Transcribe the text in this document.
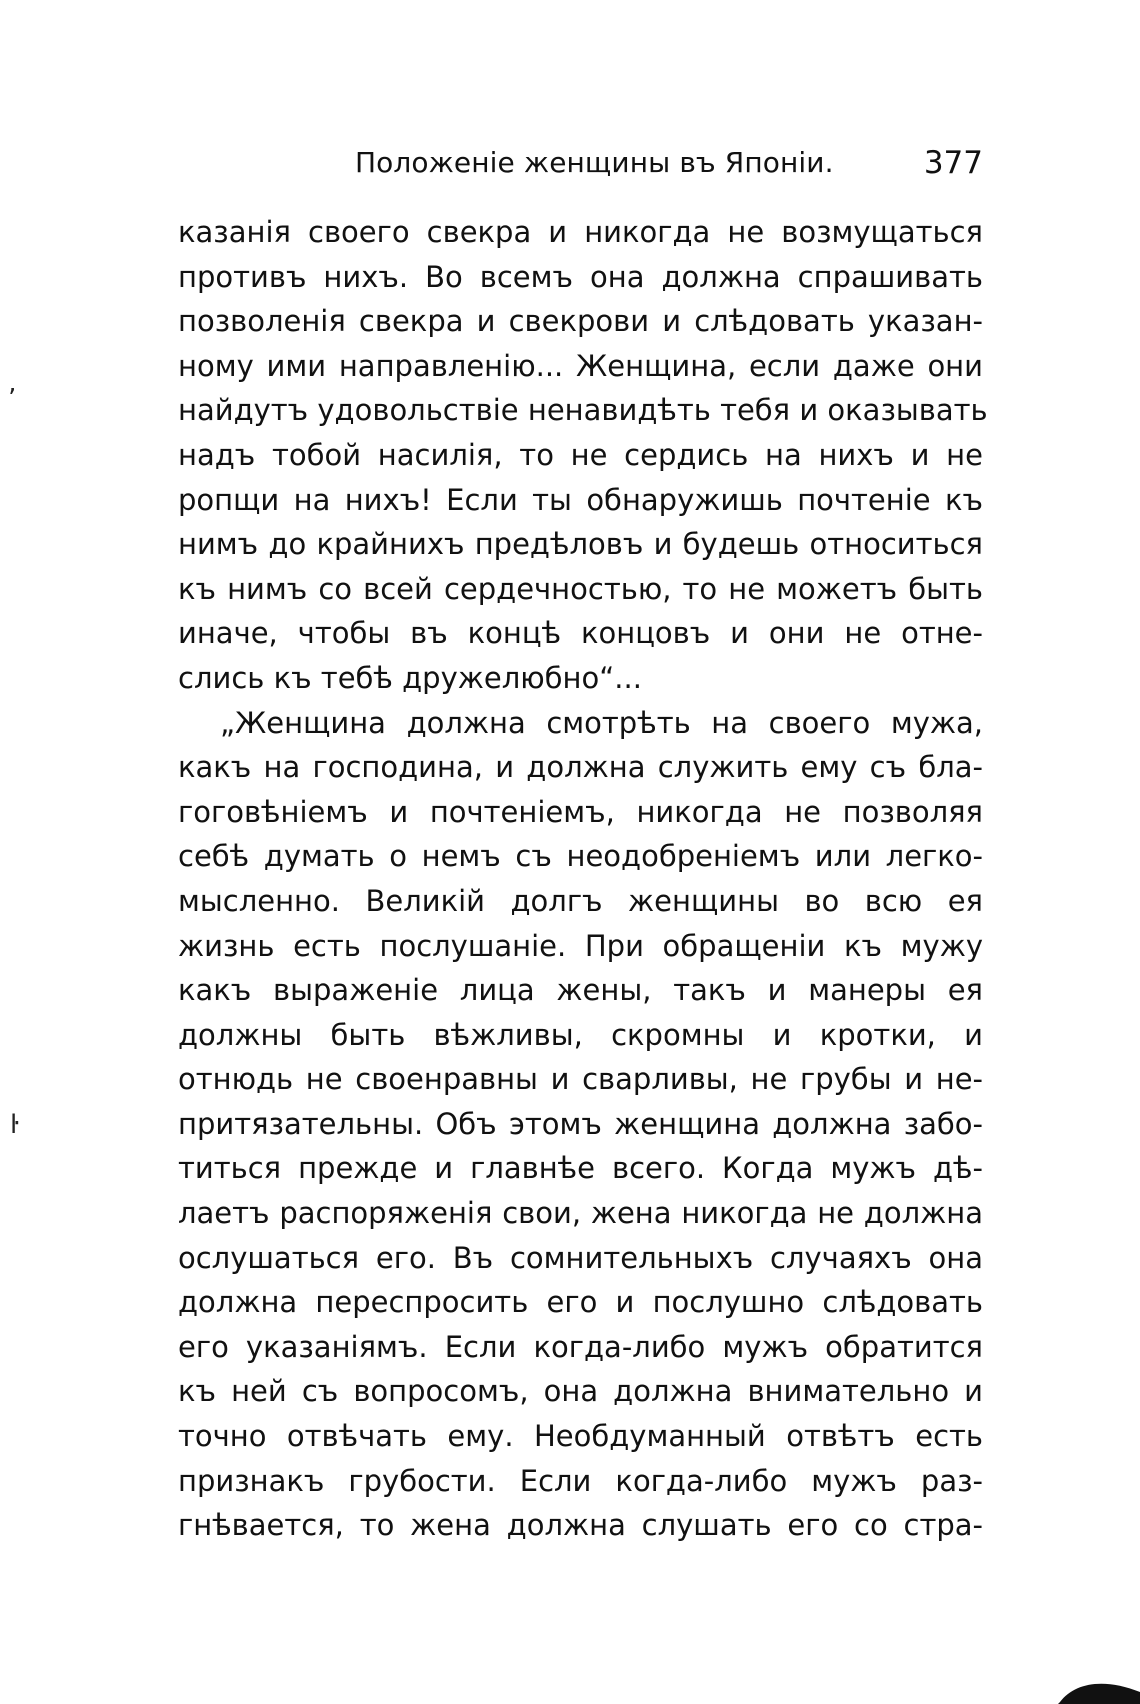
ʼ
ŀ
Положеніе женщины въ Японіи.	377
казанія своего свекра и никогда не возмущаться
противъ нихъ. Во всемъ она должна спрашивать
позволенія свекра и свекрови и слѣдовать указан-
ному ими направленію... Женщина, если даже они
найдутъ удовольствіе ненавидѣть тебя и оказывать
надъ тобой насилія, то не сердись на нихъ и не
ропщи на нихъ! Если ты обнаружишь почтеніе къ
нимъ до крайнихъ предѣловъ и будешь относиться
къ нимъ со всей сердечностью, то не можетъ быть
иначе, чтобы въ концѣ концовъ и они не отне-
слись къ тебѣ дружелюбно“...
„Женщина должна смотрѣть на своего мужа,
какъ на господина, и должна служить ему съ бла-
гоговѣніемъ и почтеніемъ, никогда не позволяя
себѣ думать о немъ съ неодобреніемъ или легко-
мысленно. Великій долгъ женщины во всю ея
жизнь есть послушаніе. При обращеніи къ мужу
какъ выраженіе лица жены, такъ и манеры ея
должны быть вѣжливы, скромны и кротки, и
отнюдь не своенравны и сварливы, не грубы и не-
притязательны. Объ этомъ женщина должна забо-
титься прежде и главнѣе всего. Когда мужъ дѣ-
лаетъ распоряженія свои, жена никогда не должна
ослушаться его. Въ сомнительныхъ случаяхъ она
должна переспросить его и послушно слѣдовать
его указаніямъ. Если когда-либо мужъ обратится
къ ней съ вопросомъ, она должна внимательно и
точно отвѣчать ему. Необдуманный отвѣтъ есть
признакъ грубости. Если когда-либо мужъ раз-
гнѣвается, то жена должна слушать его со стра-
